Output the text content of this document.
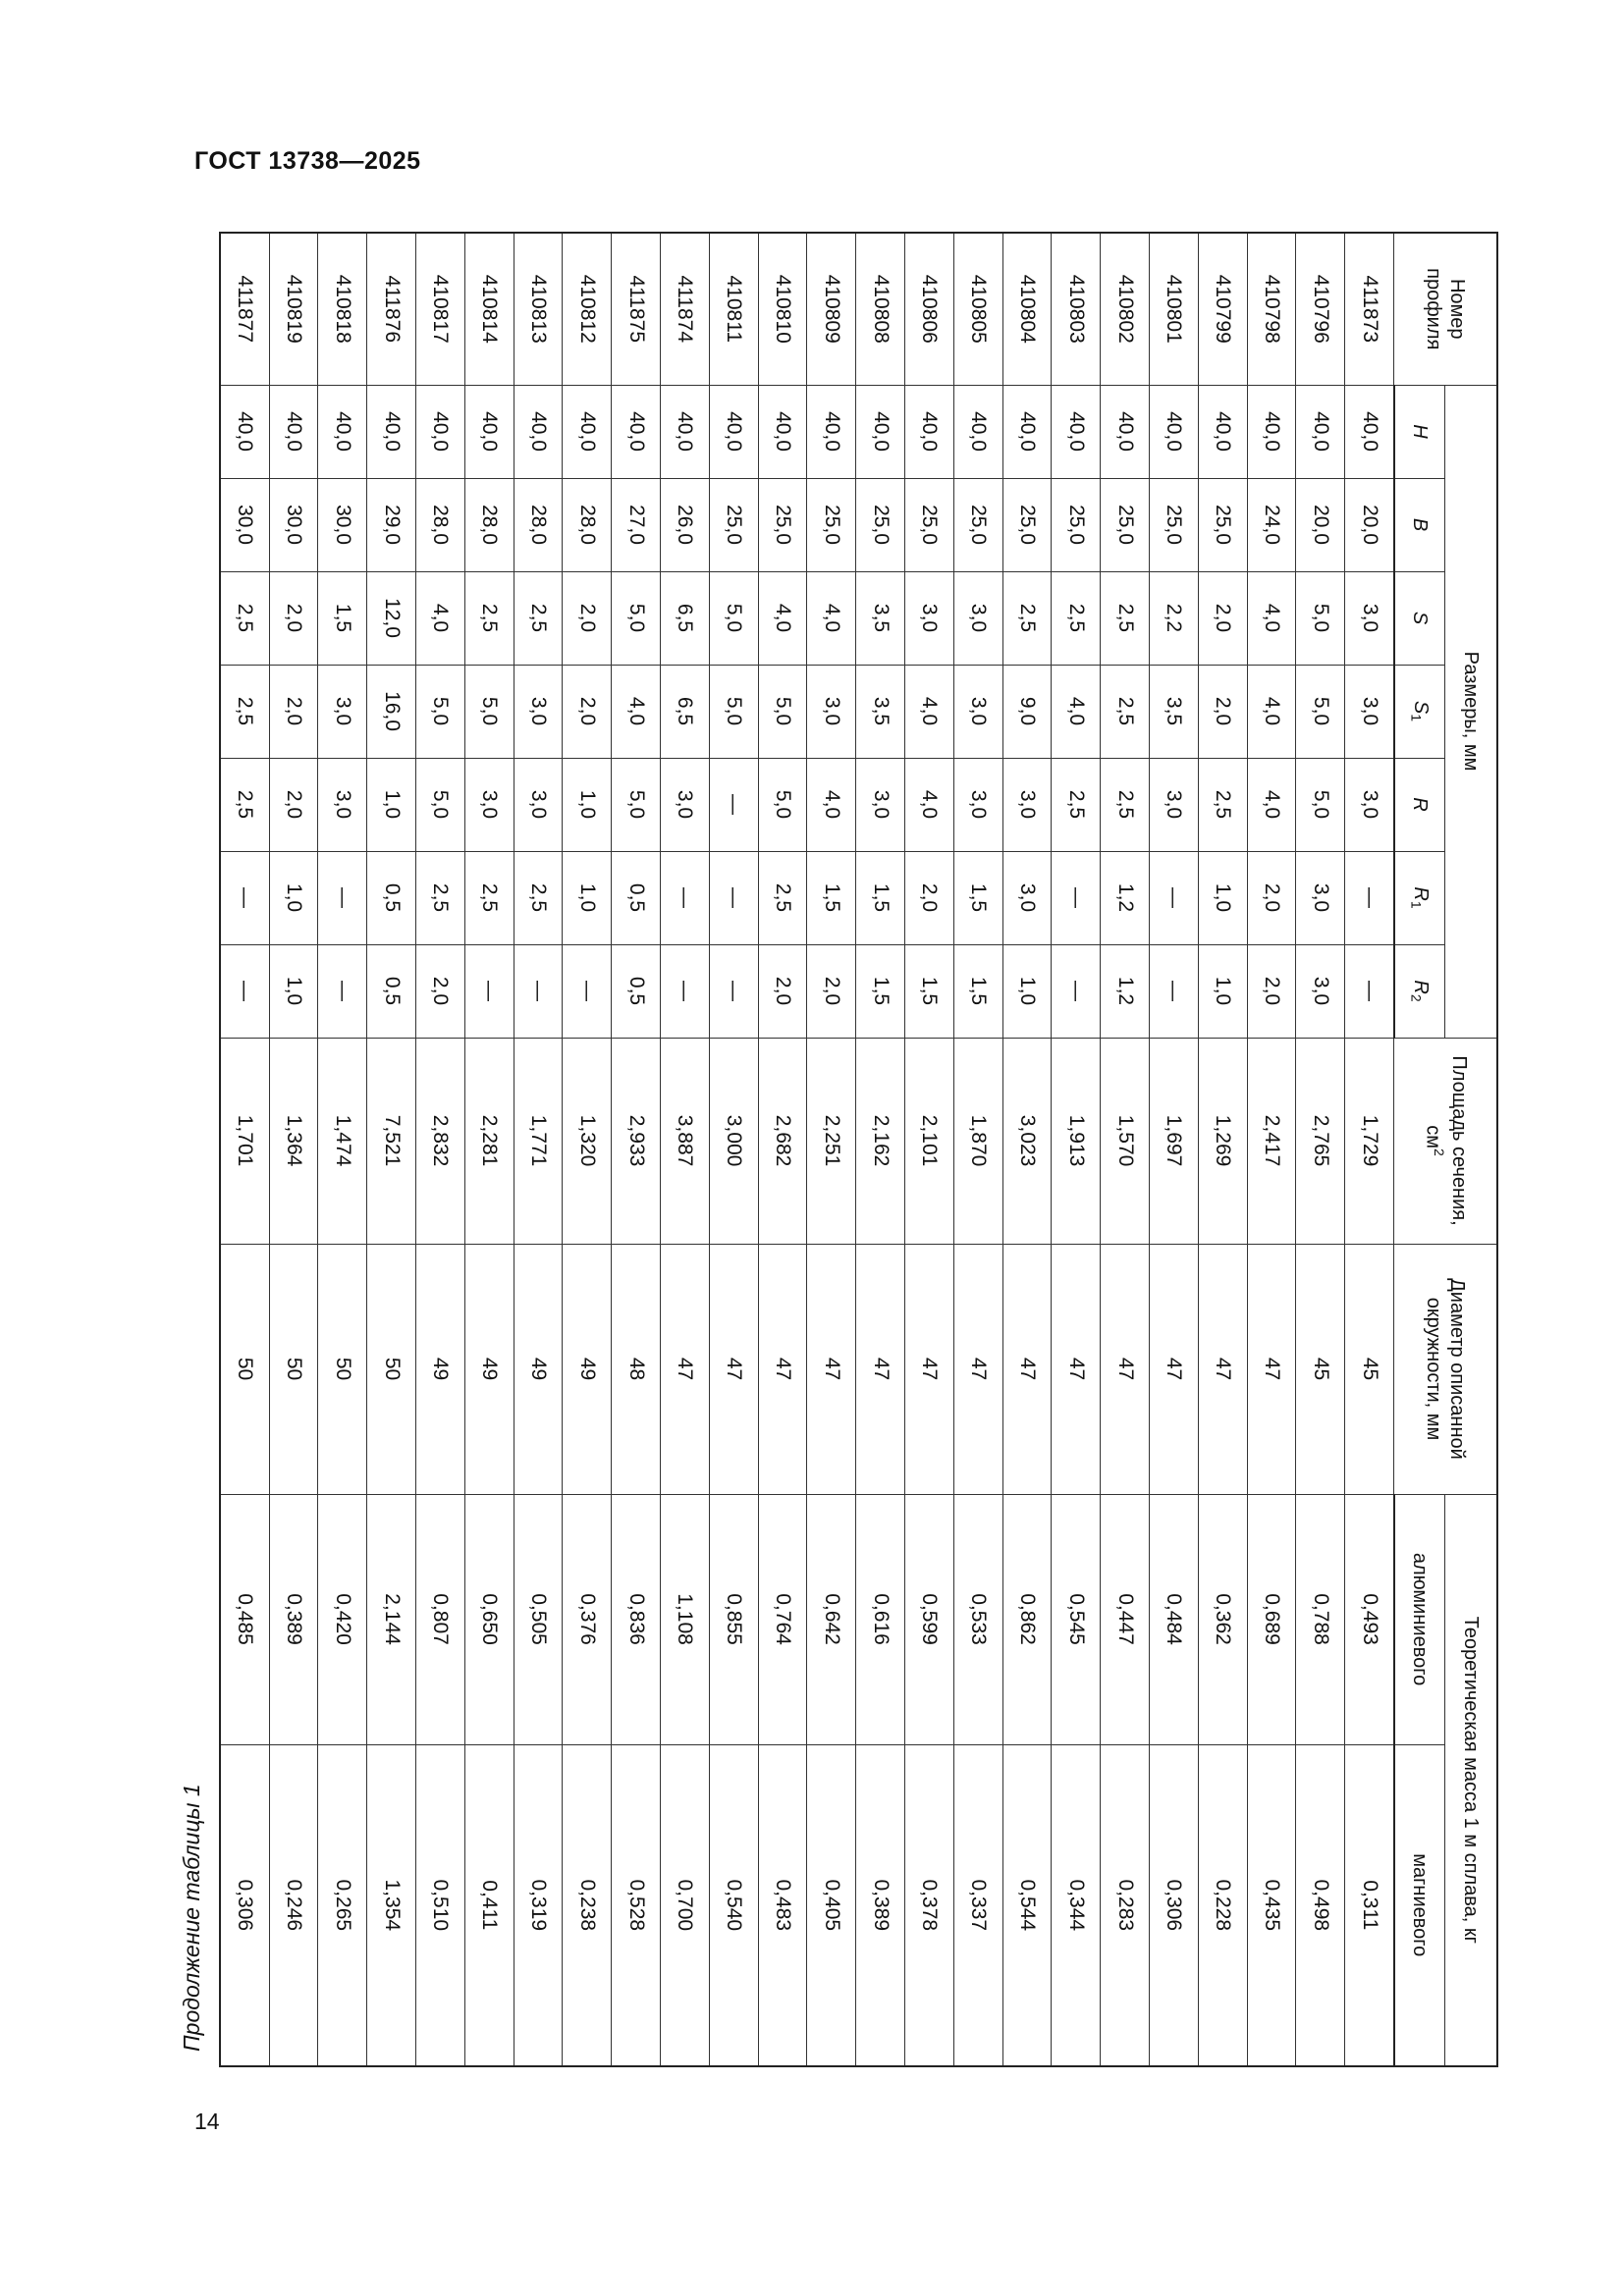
ГОСТ 13738—2025
Продолжение таблицы 1
Номер профиля	Размеры, мм							Площадь сечения, $см^2$	Диаметр описанной окружности, мм	Теоретическая масса 1 м сплава, кг	
	H	B	S	$S_1$	R	$R_1$	$R_2$			алюминиевого	магниевого
411873	40,0	20,0	3,0	3,0	3,0	—	—	1,729	45	0,493	0,311
410796	40,0	20,0	5,0	5,0	5,0	3,0	3,0	2,765	45	0,788	0,498
410798	40,0	24,0	4,0	4,0	4,0	2,0	2,0	2,417	47	0,689	0,435
410799	40,0	25,0	2,0	2,0	2,5	1,0	1,0	1,269	47	0,362	0,228
410801	40,0	25,0	2,2	3,5	3,0	—	—	1,697	47	0,484	0,306
410802	40,0	25,0	2,5	2,5	2,5	1,2	1,2	1,570	47	0,447	0,283
410803	40,0	25,0	2,5	4,0	2,5	—	—	1,913	47	0,545	0,344
410804	40,0	25,0	2,5	9,0	3,0	3,0	1,0	3,023	47	0,862	0,544
410805	40,0	25,0	3,0	3,0	3,0	1,5	1,5	1,870	47	0,533	0,337
410806	40,0	25,0	3,0	4,0	4,0	2,0	1,5	2,101	47	0,599	0,378
410808	40,0	25,0	3,5	3,5	3,0	1,5	1,5	2,162	47	0,616	0,389
410809	40,0	25,0	4,0	3,0	4,0	1,5	2,0	2,251	47	0,642	0,405
410810	40,0	25,0	4,0	5,0	5,0	2,5	2,0	2,682	47	0,764	0,483
410811	40,0	25,0	5,0	5,0	—	—	—	3,000	47	0,855	0,540
411874	40,0	26,0	6,5	6,5	3,0	—	—	3,887	47	1,108	0,700
411875	40,0	27,0	5,0	4,0	5,0	0,5	0,5	2,933	48	0,836	0,528
410812	40,0	28,0	2,0	2,0	1,0	1,0	—	1,320	49	0,376	0,238
410813	40,0	28,0	2,5	3,0	3,0	2,5	—	1,771	49	0,505	0,319
410814	40,0	28,0	2,5	5,0	3,0	2,5	—	2,281	49	0,650	0,411
410817	40,0	28,0	4,0	5,0	5,0	2,5	2,0	2,832	49	0,807	0,510
411876	40,0	29,0	12,0	16,0	1,0	0,5	0,5	7,521	50	2,144	1,354
410818	40,0	30,0	1,5	3,0	3,0	—	—	1,474	50	0,420	0,265
410819	40,0	30,0	2,0	2,0	2,0	1,0	1,0	1,364	50	0,389	0,246
411877	40,0	30,0	2,5	2,5	2,5	—	—	1,701	50	0,485	0,306
14
